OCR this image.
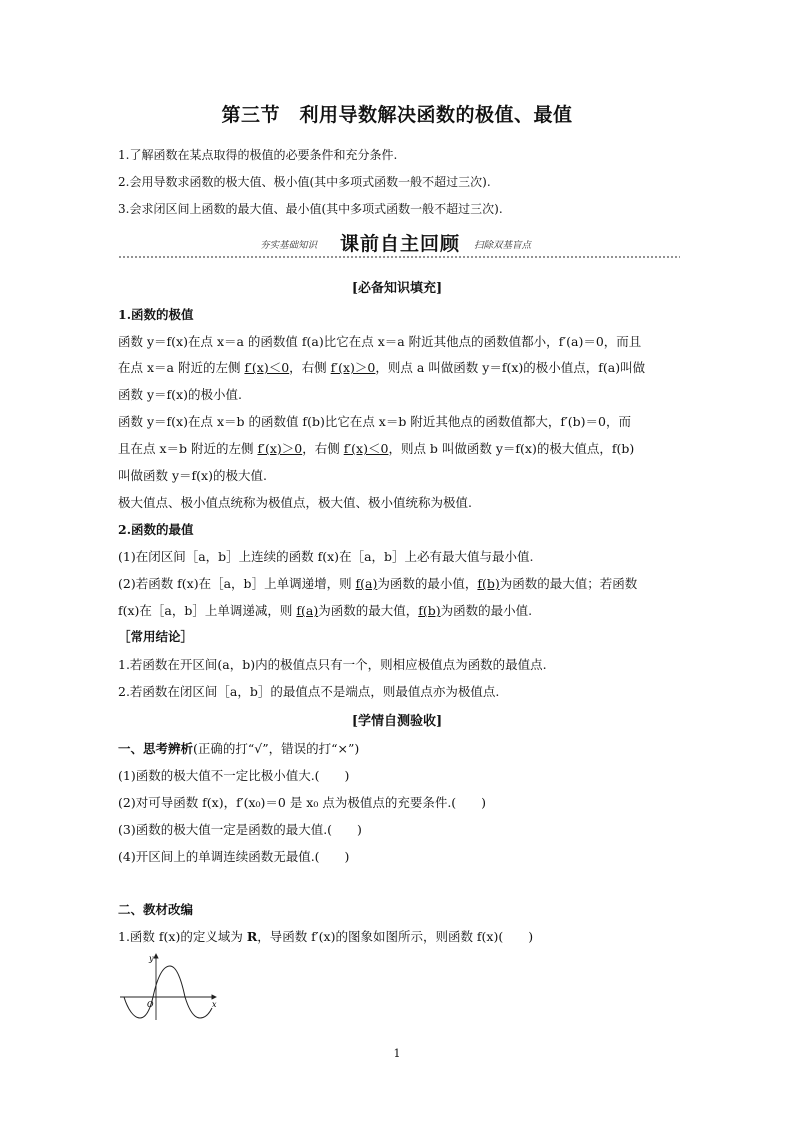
第三节　利用导数解决函数的极值、最值
1.了解函数在某点取得的极值的必要条件和充分条件.
2.会用导数求函数的极大值、极小值(其中多项式函数一般不超过三次).
3.会求闭区间上函数的最大值、最小值(其中多项式函数一般不超过三次).
夯实基础知识 课前自主回顾 扫除双基盲点
[必备知识填充]
1.函数的极值
函数 y＝f(x)在点 x＝a 的函数值 f(a)比它在点 x＝a 附近其他点的函数值都小，f′(a)＝0，而且
在点 x＝a 附近的左侧 f′(x)＜0，右侧 f′(x)＞0，则点 a 叫做函数 y＝f(x)的极小值点，f(a)叫做
函数 y＝f(x)的极小值.
函数 y＝f(x)在点 x＝b 的函数值 f(b)比它在点 x＝b 附近其他点的函数值都大，f′(b)＝0，而
且在点 x＝b 附近的左侧 f′(x)＞0，右侧 f′(x)＜0，则点 b 叫做函数 y＝f(x)的极大值点，f(b)
叫做函数 y＝f(x)的极大值.
极大值点、极小值点统称为极值点，极大值、极小值统称为极值.
2.函数的最值
(1)在闭区间［a，b］上连续的函数 f(x)在［a，b］上必有最大值与最小值.
(2)若函数 f(x)在［a，b］上单调递增，则 f(a)为函数的最小值，f(b)为函数的最大值；若函数
f(x)在［a，b］上单调递减，则 f(a)为函数的最大值，f(b)为函数的最小值.
［常用结论］
1.若函数在开区间(a，b)内的极值点只有一个，则相应极值点为函数的最值点.
2.若函数在闭区间［a，b］的最值点不是端点，则最值点亦为极值点.
[学情自测验收]
一、思考辨析(正确的打“√”，错误的打“×”)
(1)函数的极大值不一定比极小值大.(　　)
(2)对可导函数 f(x)，f′(x₀)＝0 是 x₀ 点为极值点的充要条件.(　　)
(3)函数的极大值一定是函数的最大值.(　　)
(4)开区间上的单调连续函数无最值.(　　)
二、教材改编
1.函数 f(x)的定义域为 R，导函数 f′(x)的图象如图所示，则函数 f(x)(　　)
y
x
O
1
